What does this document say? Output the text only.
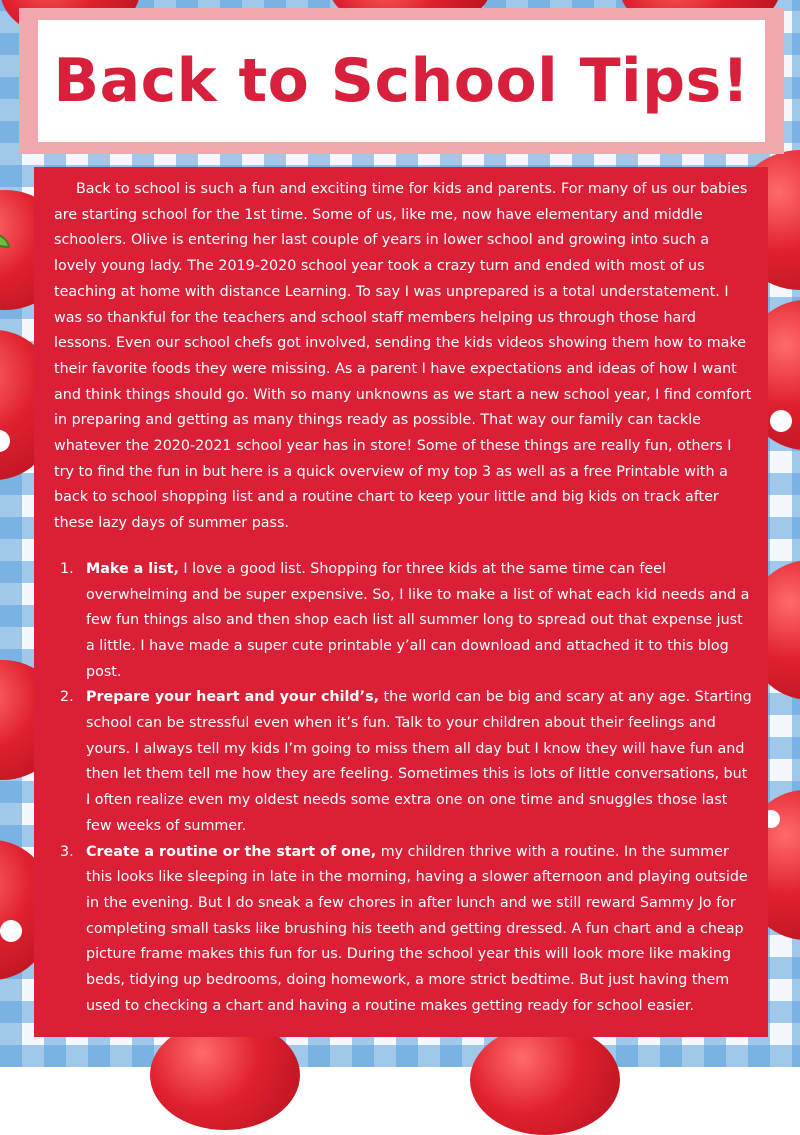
Back to School Tips!

Back to school is such a fun and exciting time for kids and parents. For many of us our babies are starting school for the 1st time. Some of us, like me, now have elementary and middle schoolers. Olive is entering her last couple of years in lower school and growing into such a lovely young lady. The 2019-2020 school year took a crazy turn and ended with most of us teaching at home with distance Learning. To say I was unprepared is a total understatement. I was so thankful for the teachers and school staff members helping us through those hard lessons. Even our school chefs got involved, sending the kids videos showing them how to make their favorite foods they were missing. As a parent I have expectations and ideas of how I want and think things should go. With so many unknowns as we start a new school year, I find comfort in preparing and getting as many things ready as possible. That way our family can tackle whatever the 2020-2021 school year has in store! Some of these things are really fun, others I try to find the fun in but here is a quick overview of my top 3 as well as a free Printable with a back to school shopping list and a routine chart to keep your little and big kids on track after these lazy days of summer pass.

1. Make a list, I love a good list. Shopping for three kids at the same time can feel overwhelming and be super expensive. So, I like to make a list of what each kid needs and a few fun things also and then shop each list all summer long to spread out that expense just a little. I have made a super cute printable y’all can download and attached it to this blog post.
2. Prepare your heart and your child’s, the world can be big and scary at any age. Starting school can be stressful even when it’s fun. Talk to your children about their feelings and yours. I always tell my kids I’m going to miss them all day but I know they will have fun and then let them tell me how they are feeling. Sometimes this is lots of little conversations, but I often realize even my oldest needs some extra one on one time and snuggles those last few weeks of summer.
3. Create a routine or the start of one, my children thrive with a routine. In the summer this looks like sleeping in late in the morning, having a slower afternoon and playing outside in the evening. But I do sneak a few chores in after lunch and we still reward Sammy Jo for completing small tasks like brushing his teeth and getting dressed. A fun chart and a cheap picture frame makes this fun for us. During the school year this will look more like making beds, tidying up bedrooms, doing homework, a more strict bedtime. But just having them used to checking a chart and having a routine makes getting ready for school easier.
